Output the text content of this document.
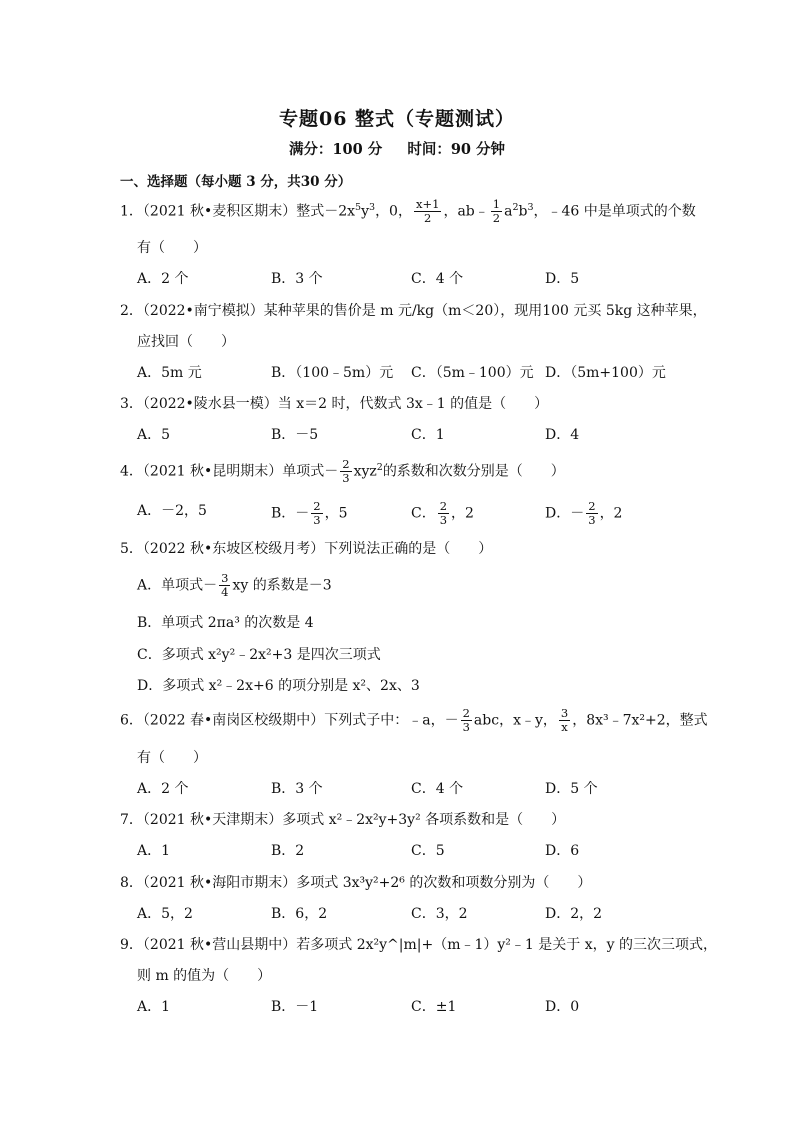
专题06 整式（专题测试）
满分：100 分 时间：90 分钟
一、选择题（每小题 3 分，共30 分）
1．（2021 秋•麦积区期末）整式$-2x^5y^3$，0， $\frac{x+1}{2}$ ，ab﹣ $\frac{1}{2} a^2b^3$，﹣46 中是单项式的个数
有（　　）
A．2 个	B．3 个	C．4 个	D．5
2．（2022•南宁模拟）某种苹果的售价是 m 元/kg（m＜20），现用100 元买 5kg 这种苹果，
应找回（　　）
A．5m 元	B．（100﹣5m）元 C．（5m﹣100）元 D．（5m+100）元
3．（2022•陵水县一模）当 x＝2 时，代数式 3x﹣1 的值是（　　）
A．5	B．－5	C．1	D．4
4．（2021 秋•昆明期末）单项式－ $\frac{2}{3} xyz^2$的系数和次数分别是（　　）
A．－2，5	B．－ $\frac{2}{3}$ ，5	C． $\frac{2}{3}$ ，2	D．－ $\frac{2}{3}$ ，2
5．（2022 秋•东坡区校级月考）下列说法正确的是（　　）
A．单项式－ $\frac{3}{4}$ xy 的系数是－3
B．单项式 2πa³ 的次数是 4
C．多项式 x²y²﹣2x²+3 是四次三项式
D．多项式 x²﹣2x+6 的项分别是 x²、2x、3
6．（2022 春•南岗区校级期中）下列式子中：﹣a，－ $\frac{2}{3}$ abc，x﹣y， $\frac{3}{x}$ ，8x³﹣7x²+2，整式
有（　　）
A．2 个	B．3 个	C．4 个	D．5 个
7．（2021 秋•天津期末）多项式 x²﹣2x²y+3y² 各项系数和是（　　）
A．1	B．2	C．5	D．6
8．（2021 秋•海阳市期末）多项式 3x³y²+2⁶ 的次数和项数分别为（　　）
A．5，2	B．6，2	C．3，2	D．2，2
9．（2021 秋•营山县期中）若多项式 2x²y^|m|+（m﹣1）y²﹣1 是关于 x，y 的三次三项式，
则 m 的值为（　　）
A．1	B．－1	C．±1	D．0
